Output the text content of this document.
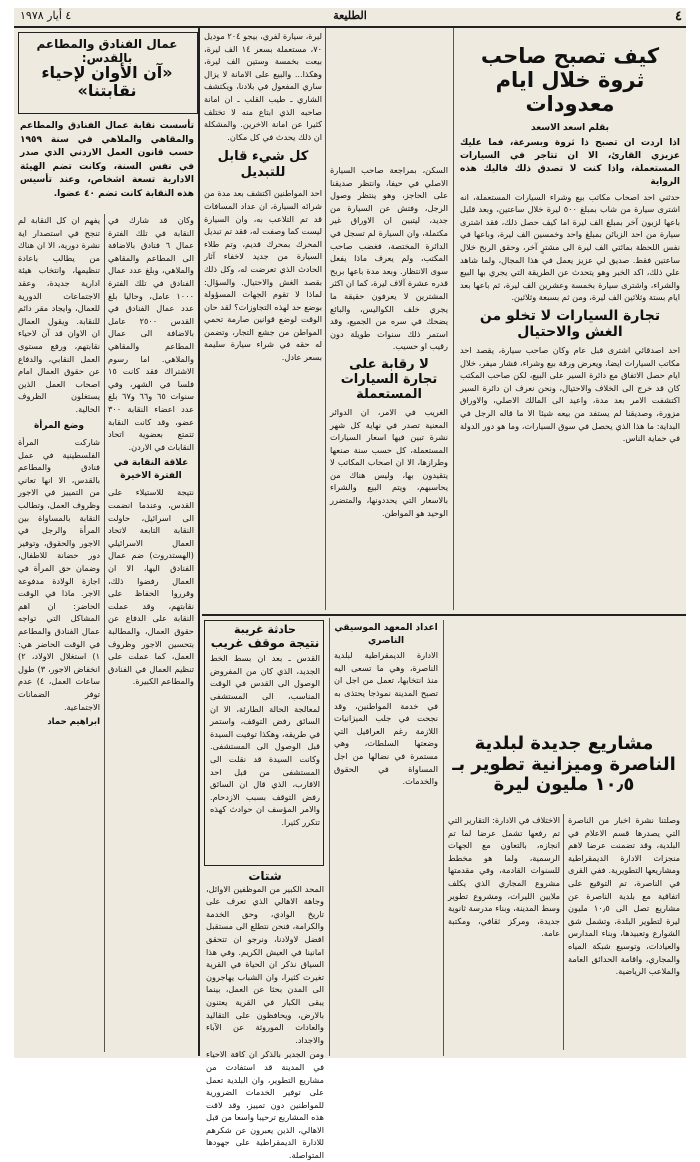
٤
الطليعة
٤ أيار ١٩٧٨
كيف تصبح صاحب ثروة خلال ايام معدودات
بقلم اسعد الاسعد

اذا اردت ان تصبح ذا ثروة وبسرعة، فما عليك عزيزي القارئ، الا ان تتاجر في السيارات المستعملة، واذا كنت لا تصدق ذلك فاليك هذه الرواية

حدثني احد اصحاب مكاتب بيع وشراء السيارات المستعملة، انه اشترى سيارة من شاب بمبلغ ٥٠٠ ليرة خلال ساعتين، وبعد قليل باعها لزبون آخر بمبلغ الف ليرة اما كيف حصل ذلك، فقد اشترى سيارة من احد الزبائن بمبلغ واحد وخمسين الف ليرة، وباعها في نفس اللحظة بمائتي الف ليرة الى مشترٍ آخر، وحقق الربح خلال ساعتين فقط. صديق لي عزيز يعمل في هذا المجال، ولما شاهد علي ذلك، اكد الخبر وهو يتحدث عن الطريقة التي يجري بها البيع والشراء، واشترى سيارة بخمسة وعشرين الف ليرة، ثم باعها بعد ايام بستة وثلاثين الف ليرة، ومن ثم بسبعة وثلاثين.

تجارة السيارات لا تخلو من الغش والاحتيال

احد اصدقائي اشترى قبل عام وكان صاحب سيارة، يقصد احد مكاتب السيارات ايضا، ويعرض ورقة بيع وشراء، فشار ميفر، خلال ايام حصل الاتفاق مع دائرة السير على البيع، لكن صاحب المكتب كان قد خرج الى الخلاف والاحتيال، ونحن نعرف ان دائرة السير اكتشفت الامر بعد مدة، واعيد الى المالك الاصلي، والاوراق مزورة، وصديقنا لم يستفد من بيعه شيئا الا ما قاله الرجل في البداية: ما هذا الذي يحصل في سوق السيارات، وما هو دور الدولة في حماية الناس.

السكن، بمراجعة صاحب السيارة الاصلي في حيفا، وانتظر صديقنا على الحاجز، وهو ينتظر وصول الرجل، وفتش عن السيارة من جديد، ليتبين ان الاوراق غير مكتملة، وان السيارة لم تسجل في الدائرة المختصة، فغضب صاحب المكتب، ولم يعرف ماذا يفعل سوى الانتظار. وبعد مدة باعها بربح قدره عشرة آلاف ليرة، كما ان اكثر المشترين لا يعرفون حقيقة ما يجري خلف الكواليس، والبائع يضحك في سره من الجميع، وقد استمر ذلك سنوات طويلة دون رقيب او حسيب.

لا رقابة على تجارة السيارات المستعملة

الغريب في الامر، ان الدوائر المعنية تصدر في نهاية كل شهر نشرة تبين فيها اسعار السيارات المستعملة، كل حسب سنة صنعها وطرازها، الا ان اصحاب المكاتب لا يتقيدون بها، وليس هناك من يحاسبهم، ويتم البيع والشراء بالاسعار التي يحددونها، والمتضرر الوحيد هو المواطن.

ليرة، سيارة لفري، بيجو ٢٠٤ موديل ٧٠، مستعملة بسعر ١٤ الف ليرة، بيعت بخمسة وستين الف ليرة، وهكذا... والبيع على الامانة لا يزال ساري المفعول في بلادنا، ويكتشف الشاري ـ طيب القلب ـ ان امانة صاحبه الذي ابتاع منه لا تختلف كثيرا عن امانة الاخرين. والمشكلة ان ذلك يحدث في كل مكان.

كل شيء قابل للتبديل

احد المواطنين اكتشف بعد مدة من شرائه السيارة، ان عداد المسافات قد تم التلاعب به، وان السيارة ليست كما وصفت له، فقد تم تبديل المحرك بمحرك قديم، وتم طلاء السيارة من جديد لاخفاء آثار الحادث الذي تعرضت له، وكل ذلك بقصد الغش والاحتيال. والسؤال: لماذا لا تقوم الجهات المسؤولة بوضع حد لهذه التجاوزات؟ لقد حان الوقت لوضع قوانين صارمة تحمي المواطن من جشع التجار، وتضمن له حقه في شراء سيارة سليمة بسعر عادل.

مشاريع جديدة لبلدية الناصرة وميزانية تطوير بـ ١٠٫٥ مليون ليرة

وصلتنا نشرة اخبار من الناصرة التي يصدرها قسم الاعلام في البلدية، وقد تضمنت عرضا لاهم منجزات الادارة الديمقراطية ومشاريعها التطويرية. ففي القرى في الناصرة، تم التوقيع على اتفاقية مع بلدية الناصرة عن مشاريع تصل الى ١٠٫٥ مليون ليرة لتطوير البلدة، وتشمل شق الشوارع وتعبيدها، وبناء المدارس والعيادات، وتوسيع شبكة المياه والمجاري، واقامة الحدائق العامة والملاعب الرياضية.

الاختلاف في الادارة: التقارير التي تم رفعها تشمل عرضا لما تم انجازه، بالتعاون مع الجهات الرسمية، ولما هو مخطط للسنوات القادمة، وفي مقدمتها مشروع المجاري الذي يكلف ملايين الليرات، ومشروع تطوير وسط المدينة، وبناء مدرسة ثانوية جديدة، ومركز ثقافي، ومكتبة عامة.

اعداد المعهد الموسيقي الناصري

الادارة الديمقراطية لبلدية الناصرة، وهي ما تسعى اليه منذ انتخابها، تعمل من اجل ان تصبح المدينة نموذجا يحتذى به في خدمة المواطنين، وقد نجحت في جلب الميزانيات اللازمة رغم العراقيل التي وضعتها السلطات، وهي مستمرة في نضالها من اجل المساواة في الحقوق والخدمات.

حادثة غريبة
نتيجة موقف غريب

القدس ـ بعد ان بسط الخط الجديد، الذي كان من المفروض الوصول الى القدس في الوقت المناسب، الى المستشفى لمعالجة الحالة الطارئة، الا ان السائق رفض التوقف، واستمر في طريقه، وهكذا توفيت السيدة قبل الوصول الى المستشفى. وكانت السيدة قد نقلت الى المستشفى من قبل احد الاقارب، الذي قال ان السائق رفض التوقف بسبب الازدحام. والامر المؤسف ان حوادث كهذه تتكرر كثيرا.

شتات

المحد الكبير من الموظفين الاوائل، وجاهة الاهالي الذي تعرف على تاريخ الوادي، وحق الخدمة والكرامة، فنحن نتطلع الى مستقبل افضل لاولادنا، ونرجو ان تتحقق امانينا في العيش الكريم. وفي هذا السياق نذكر ان الحياة في القرية تغيرت كثيرا، وان الشباب يهاجرون الى المدن بحثا عن العمل، بينما يبقى الكبار في القرية يعتنون بالارض، ويحافظون على التقاليد والعادات الموروثة عن الآباء والاجداد.

ومن الجدير بالذكر ان كافة الاحياء في المدينة قد استفادت من مشاريع التطوير، وان البلدية تعمل على توفير الخدمات الضرورية للمواطنين دون تمييز، وقد لاقت هذه المشاريع ترحيبا واسعا من قبل الاهالي، الذين يعبرون عن شكرهم للادارة الديمقراطية على جهودها المتواصلة.

عمال الفنادق والمطاعم بالقدس:
«آن الأوان لإحياء نقابتنا»

تأسست نقابة عمال الفنادق والمطاعم والمقاهي والملاهي في سنة ١٩٥٩ حسب قانون العمل الاردني الذي صدر في نفس السنة، وكانت تضم الهيئة الادارية تسعة اشخاص، وعند تأسيس هذه النقابة كانت تضم ٤٠ عضوا.

وكان قد شارك في النقابة في تلك الفترة عمال ٦ فنادق بالاضافة الى المطاعم والمقاهي والملاهي، وبلغ عدد عمال الفنادق في تلك الفترة ١٠٠٠ عامل، وحاليا بلغ عدد عمال الفنادق في القدس ٢٥٠٠ عامل بالاضافة الى عمال المطاعم والمقاهي والملاهي. اما رسوم الاشتراك فقد كانت ١٥ فلسا في الشهر، وفي سنوات ٦٥ و٦٦ و٦٧ بلغ عدد اعضاء النقابة ٣٠٠ عضو، وقد كانت النقابة تتمتع بعضوية اتحاد النقابات في الاردن.

علاقة النقابة في الفترة الاخيرة

نتيجة للاستيلاء على القدس، وعندما انضمت الى اسرائيل، حاولت النقابة التابعة لاتحاد العمال الاسرائيلي (الهستدروت) ضم عمال الفنادق اليها، الا ان العمال رفضوا ذلك، وقرروا الحفاظ على نقابتهم، وقد عملت النقابة على الدفاع عن حقوق العمال، والمطالبة بتحسين الاجور وظروف العمل، كما عملت على تنظيم العمال في الفنادق والمطاعم الكبيرة.

يفهم ان كل النقابة لم تنجح في استصدار اية نشرة دورية، الا ان هناك من يطالب باعادة تنظيمها، وانتخاب هيئة ادارية جديدة، وعقد الاجتماعات الدورية للعمال، وايجاد مقر دائم للنقابة. ويقول العمال ان الاوان قد آن لاحياء نقابتهم، ورفع مستوى العمل النقابي، والدفاع عن حقوق العمال امام اصحاب العمل الذين يستغلون الظروف الحالية.

وضع المرأة

شاركت المرأة الفلسطينية في عمل فنادق والمطاعم بالقدس، الا انها تعاني من التمييز في الاجور وظروف العمل، وتطالب النقابة بالمساواة بين المرأة والرجل في الاجور والحقوق، وتوفير دور حضانة للاطفال، وضمان حق المرأة في اجازة الولادة مدفوعة الاجر. ماذا في الوقت الحاضر: ان اهم المشاكل التي تواجه عمال الفنادق والمطاعم في الوقت الحاضر هي: ١) استغلال الاولاد، ٢) انخفاض الاجور، ٣) طول ساعات العمل، ٤) عدم توفر الضمانات الاجتماعية.

ابراهيم حماد
